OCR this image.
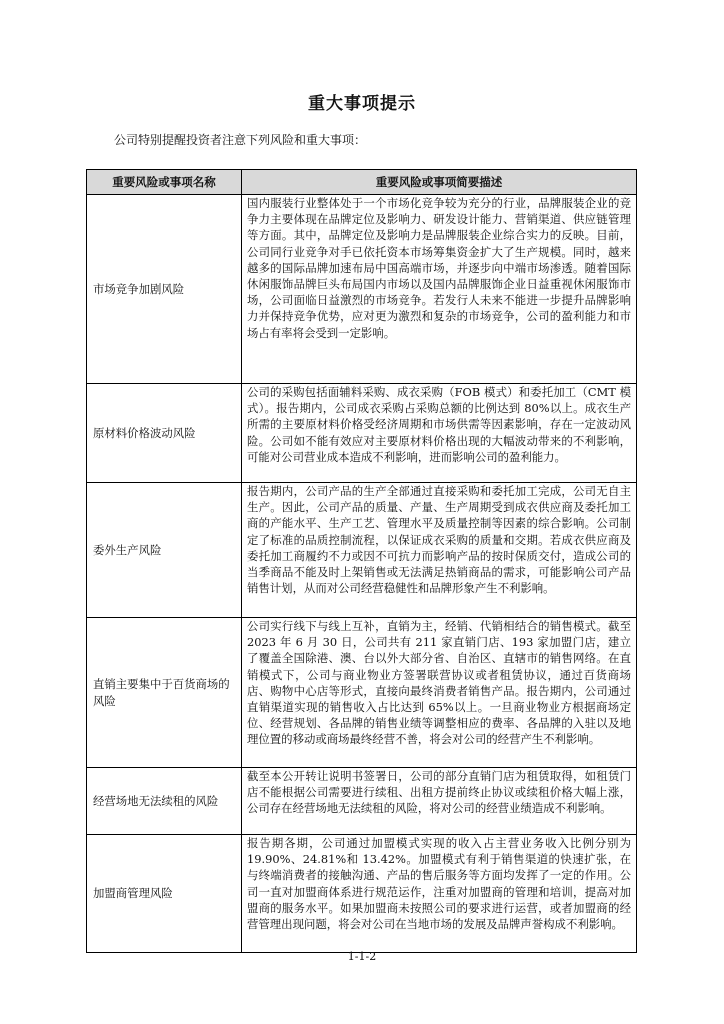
重大事项提示
公司特别提醒投资者注意下列风险和重大事项：
重要风险或事项名称	重要风险或事项简要描述
市场竞争加剧风险	国内服装行业整体处于一个市场化竞争较为充分的行业，品牌服装企业的竞争力主要体现在品牌定位及影响力、研发设计能力、营销渠道、供应链管理等方面。其中，品牌定位及影响力是品牌服装企业综合实力的反映。目前，公司同行业竞争对手已依托资本市场筹集资金扩大了生产规模。同时，越来越多的国际品牌加速布局中国高端市场，并逐步向中端市场渗透。随着国际休闲服饰品牌巨头布局国内市场以及国内品牌服饰企业日益重视休闲服饰市场，公司面临日益激烈的市场竞争。若发行人未来不能进一步提升品牌影响力并保持竞争优势，应对更为激烈和复杂的市场竞争，公司的盈利能力和市场占有率将会受到一定影响。
原材料价格波动风险	公司的采购包括面辅料采购、成衣采购（FOB 模式）和委托加工（CMT 模式）。报告期内，公司成衣采购占采购总额的比例达到 80%以上。成衣生产所需的主要原材料价格受经济周期和市场供需等因素影响，存在一定波动风险。公司如不能有效应对主要原材料价格出现的大幅波动带来的不利影响，可能对公司营业成本造成不利影响，进而影响公司的盈利能力。
委外生产风险	报告期内，公司产品的生产全部通过直接采购和委托加工完成，公司无自主生产。因此，公司产品的质量、产量、生产周期受到成衣供应商及委托加工商的产能水平、生产工艺、管理水平及质量控制等因素的综合影响。公司制定了标准的品质控制流程，以保证成衣采购的质量和交期。若成衣供应商及委托加工商履约不力或因不可抗力而影响产品的按时保质交付，造成公司的当季商品不能及时上架销售或无法满足热销商品的需求，可能影响公司产品销售计划，从而对公司经营稳健性和品牌形象产生不利影响。
直销主要集中于百货商场的风险	公司实行线下与线上互补，直销为主，经销、代销相结合的销售模式。截至 2023 年 6 月 30 日，公司共有 211 家直销门店、193 家加盟门店，建立了覆盖全国除港、澳、台以外大部分省、自治区、直辖市的销售网络。在直销模式下，公司与商业物业方签署联营协议或者租赁协议，通过百货商场店、购物中心店等形式，直接向最终消费者销售产品。报告期内，公司通过直销渠道实现的销售收入占比达到 65%以上。一旦商业物业方根据商场定位、经营规划、各品牌的销售业绩等调整相应的费率、各品牌的入驻以及地理位置的移动或商场最终经营不善，将会对公司的经营产生不利影响。
经营场地无法续租的风险	截至本公开转让说明书签署日，公司的部分直销门店为租赁取得，如租赁门店不能根据公司需要进行续租、出租方提前终止协议或续租价格大幅上涨，公司存在经营场地无法续租的风险，将对公司的经营业绩造成不利影响。
加盟商管理风险	报告期各期，公司通过加盟模式实现的收入占主营业务收入比例分别为 19.90%、24.81%和 13.42%。加盟模式有利于销售渠道的快速扩张，在与终端消费者的接触沟通、产品的售后服务等方面均发挥了一定的作用。公司一直对加盟商体系进行规范运作，注重对加盟商的管理和培训，提高对加盟商的服务水平。如果加盟商未按照公司的要求进行运营，或者加盟商的经营管理出现问题，将会对公司在当地市场的发展及品牌声誉构成不利影响。
1-1-2
